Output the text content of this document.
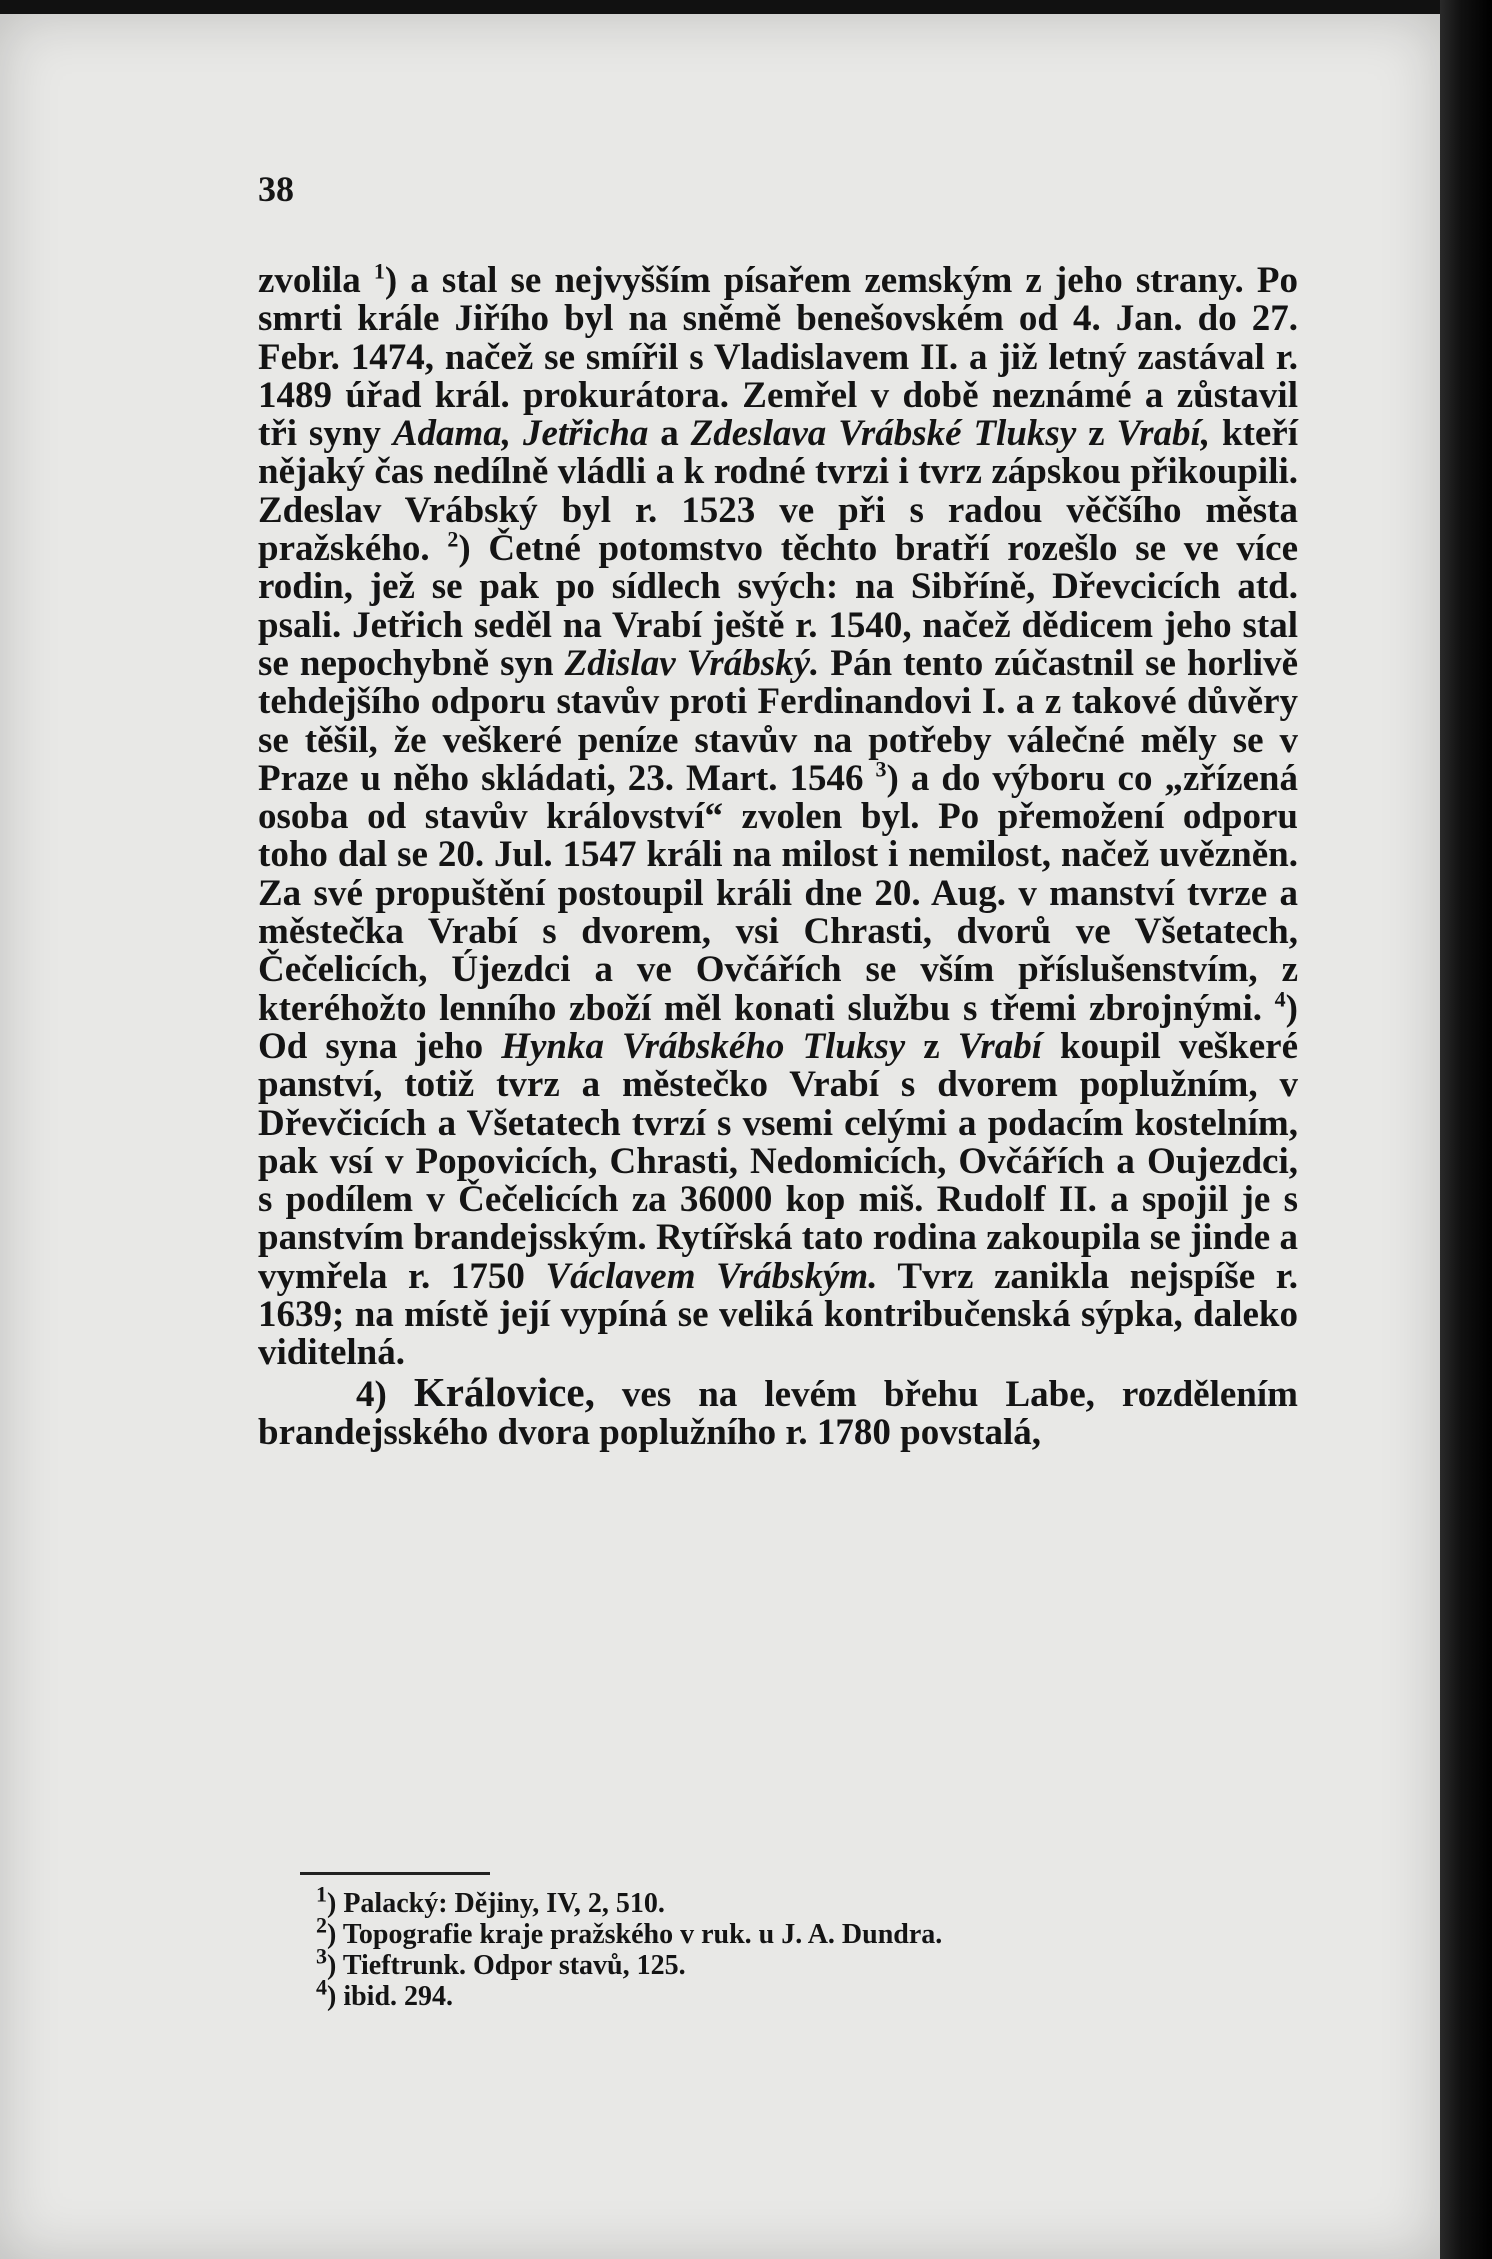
38

zvolila $^1$) a stal se nejvyšším písařem zemským z jeho strany. Po smrti krále Jiřího byl na sněmě benešovském od 4. Jan. do 27. Febr. 1474, načež se smířil s Vladislavem II. a již letný zastával r. 1489 úřad král. prokurátora. Zemřel v době neznámé a zůstavil tři syny Adama, Jetřicha a Zdeslava Vrábské Tluksy z Vrabí, kteří nějaký čas nedílně vládli a k rodné tvrzi i tvrz zápskou přikoupili. Zdeslav Vrábský byl r. 1523 ve při s radou věčšího města pražského. $^2$) Četné potomstvo těchto bratří rozešlo se ve více rodin, jež se pak po sídlech svých: na Sibříně, Dřevcicích atd. psali. Jetřich seděl na Vrabí ještě r. 1540, načež dědicem jeho stal se nepochybně syn Zdislav Vrábský. Pán tento zúčastnil se horlivě tehdejšího odporu stavův proti Ferdinandovi I. a z takové důvěry se těšil, že veškeré peníze stavův na potřeby válečné měly se v Praze u něho skládati, 23. Mart. 1546 $^3$) a do výboru co „zřízená osoba od stavův království“ zvolen byl. Po přemožení odporu toho dal se 20. Jul. 1547 králi na milost i nemilost, načež uvězněn. Za své propuštění postoupil králi dne 20. Aug. v manství tvrze a městečka Vrabí s dvorem, vsi Chrasti, dvorů ve Všetatech, Čečelicích, Újezdci a ve Ovčářích se vším příslušenstvím, z kteréhožto lenního zboží měl konati službu s třemi zbrojnými. $^4$) Od syna jeho Hynka Vrábského Tluksy z Vrabí koupil veškeré panství, totiž tvrz a městečko Vrabí s dvorem poplužním, v Dřevčicích a Všetatech tvrzí s vsemi celými a podacím kostelním, pak vsí v Popovicích, Chrasti, Nedomicích, Ovčářích a Oujezdci, s podílem v Čečelicích za 36000 kop miš. Rudolf II. a spojil je s panstvím brandejsským. Rytířská tato rodina zakoupila se jinde a vymřela r. 1750 Václavem Vrábským. Tvrz zanikla nejspíše r. 1639; na místě její vypíná se veliká kontribučenská sýpka, daleko viditelná.

4) Královice, ves na levém břehu Labe, rozdělením brandejsského dvora poplužního r. 1780 povstalá,

$^1$) Palacký: Dějiny, IV, 2, 510.

$^2$) Topografie kraje pražského v ruk. u J. A. Dundra.

$^3$) Tieftrunk. Odpor stavů, 125.

$^4$) ibid. 294.
